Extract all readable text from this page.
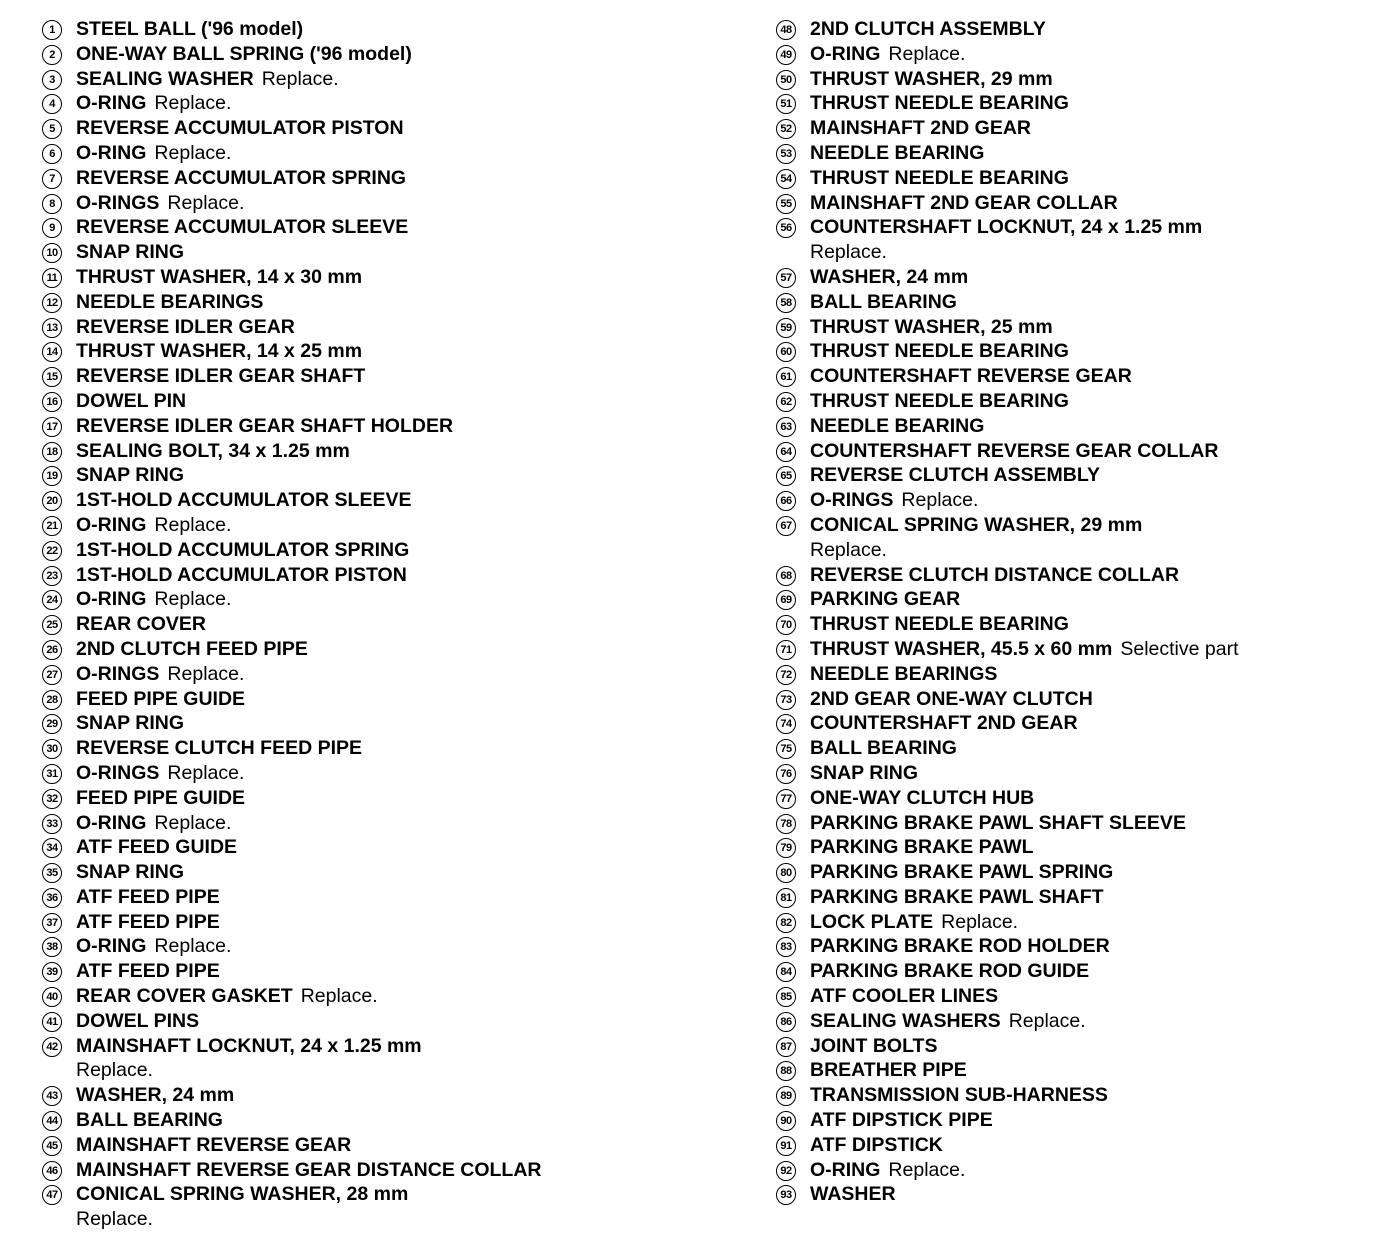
1	STEEL BALL ('96 model)
2	ONE-WAY BALL SPRING ('96 model)
3	SEALING WASHER Replace.
4	O-RING Replace.
5	REVERSE ACCUMULATOR PISTON
6	O-RING Replace.
7	REVERSE ACCUMULATOR SPRING
8	O-RINGS Replace.
9	REVERSE ACCUMULATOR SLEEVE
10 SNAP RING
11 THRUST WASHER, 14 x 30 mm
12 NEEDLE BEARINGS
13 REVERSE IDLER GEAR
14 THRUST WASHER, 14 x 25 mm
15 REVERSE IDLER GEAR SHAFT
16 DOWEL PIN
17 REVERSE IDLER GEAR SHAFT HOLDER
18 SEALING BOLT, 34 x 1.25 mm
19 SNAP RING
20 1ST-HOLD ACCUMULATOR SLEEVE
21 O-RING Replace.
22 1ST-HOLD ACCUMULATOR SPRING
23 1ST-HOLD ACCUMULATOR PISTON
24 O-RING Replace.
25 REAR COVER
26 2ND CLUTCH FEED PIPE
27 O-RINGS Replace.
28 FEED PIPE GUIDE
29 SNAP RING
30 REVERSE CLUTCH FEED PIPE
31 O-RINGS Replace.
32 FEED PIPE GUIDE
33 O-RING Replace.
34 ATF FEED GUIDE
35 SNAP RING
36 ATF FEED PIPE
37 ATF FEED PIPE
38 O-RING Replace.
39 ATF FEED PIPE
40 REAR COVER GASKET Replace.
41 DOWEL PINS
42 MAINSHAFT LOCKNUT, 24 x 1.25 mm
Replace.
43 WASHER, 24 mm
44 BALL BEARING
45 MAINSHAFT REVERSE GEAR
46 MAINSHAFT REVERSE GEAR DISTANCE COLLAR
47 CONICAL SPRING WASHER, 28 mm
Replace.
48 2ND CLUTCH ASSEMBLY
49 O-RING Replace.
50 THRUST WASHER, 29 mm
51 THRUST NEEDLE BEARING
52 MAINSHAFT 2ND GEAR
53 NEEDLE BEARING
54 THRUST NEEDLE BEARING
55 MAINSHAFT 2ND GEAR COLLAR
56 COUNTERSHAFT LOCKNUT, 24 x 1.25 mm
Replace.
57 WASHER, 24 mm
58 BALL BEARING
59 THRUST WASHER, 25 mm
60 THRUST NEEDLE BEARING
61 COUNTERSHAFT REVERSE GEAR
62 THRUST NEEDLE BEARING
63 NEEDLE BEARING
64 COUNTERSHAFT REVERSE GEAR COLLAR
65 REVERSE CLUTCH ASSEMBLY
66 O-RINGS Replace.
67 CONICAL SPRING WASHER, 29 mm
Replace.
68 REVERSE CLUTCH DISTANCE COLLAR
69 PARKING GEAR
70 THRUST NEEDLE BEARING
71 THRUST WASHER, 45.5 x 60 mm Selective part
72 NEEDLE BEARINGS
73 2ND GEAR ONE-WAY CLUTCH
74 COUNTERSHAFT 2ND GEAR
75 BALL BEARING
76 SNAP RING
77 ONE-WAY CLUTCH HUB
78 PARKING BRAKE PAWL SHAFT SLEEVE
79 PARKING BRAKE PAWL
80 PARKING BRAKE PAWL SPRING
81 PARKING BRAKE PAWL SHAFT
82 LOCK PLATE Replace.
83 PARKING BRAKE ROD HOLDER
84 PARKING BRAKE ROD GUIDE
85 ATF COOLER LINES
86 SEALING WASHERS Replace.
87 JOINT BOLTS
88 BREATHER PIPE
89 TRANSMISSION SUB-HARNESS
90 ATF DIPSTICK PIPE
91 ATF DIPSTICK
92 O-RING Replace.
93 WASHER
